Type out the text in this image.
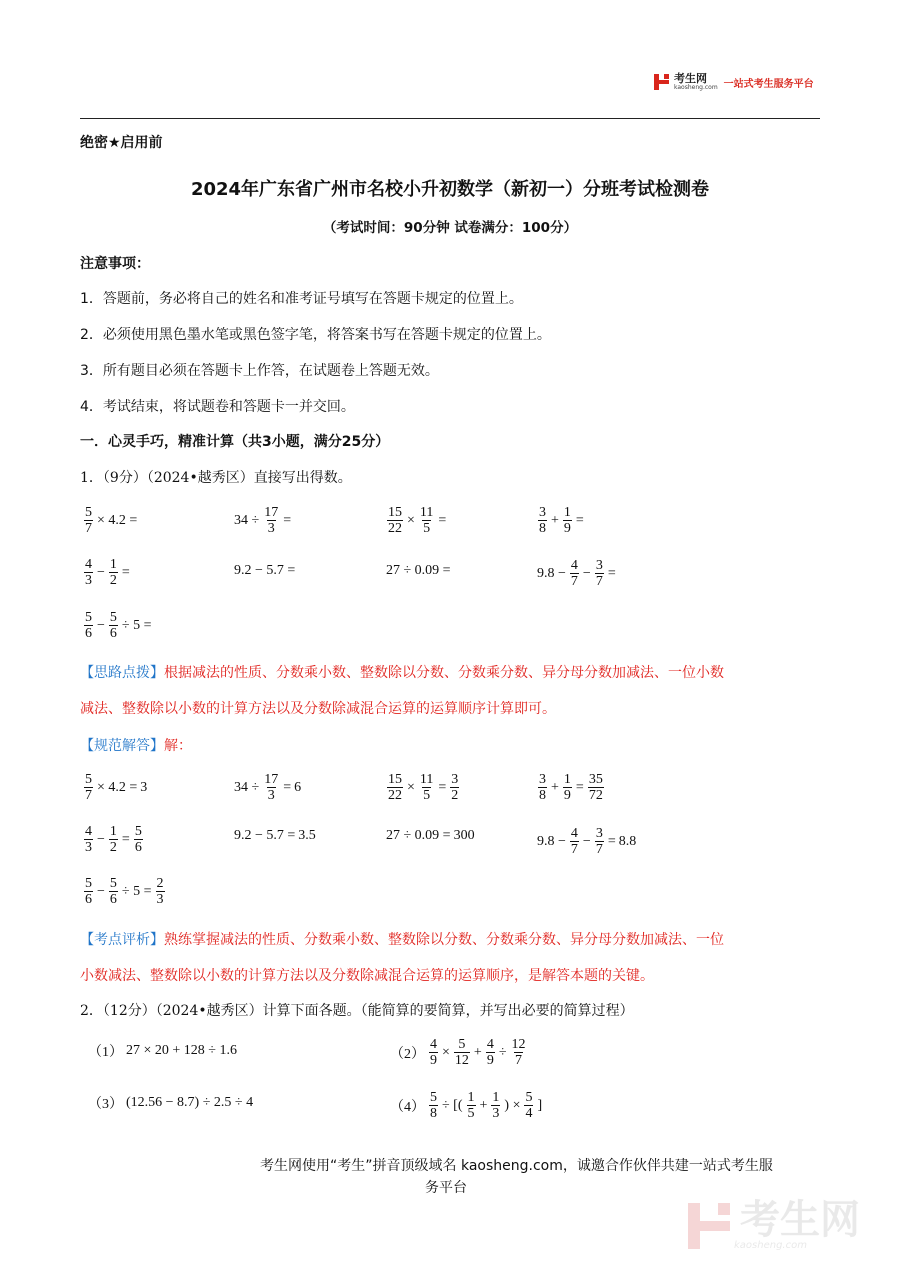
考生网
kaosheng.com 一站式考生服务平台
绝密★启用前
2024年广东省广州市名校小升初数学（新初一）分班考试检测卷
（考试时间：90分钟 试卷满分：100分）
注意事项：
1．答题前，务必将自己的姓名和准考证号填写在答题卡规定的位置上。
2．必须使用黑色墨水笔或黑色签字笔，将答案书写在答题卡规定的位置上。
3．所有题目必须在答题卡上作答，在试题卷上答题无效。
4．考试结束，将试题卷和答题卡一并交回。
一．心灵手巧，精准计算（共3小题，满分25分）
1．（9分）（2024•越秀区）直接写出得数。
$\frac{5}{7} \times 4.2$ =	$34 \div \frac{17}{3}$ =	$\frac{15}{22} \times \frac{11}{5}$ =	$\frac{3}{8} + \frac{1}{9}$ =
$\frac{4}{3} - \frac{1}{2}$ =	9.2 − 5.7 =	27 ÷ 0.09 =	$9.8 - \frac{4}{7} - \frac{3}{7}$ =
$\frac{5}{6} - \frac{5}{6} \div 5$ =
【思路点拨】根据减法的性质、分数乘小数、整数除以分数、分数乘分数、异分母分数加减法、一位小数
减法、整数除以小数的计算方法以及分数除减混合运算的运算顺序计算即可。
【规范解答】解：
$\frac{5}{7} \times 4.2 = 3$	$34 \div \frac{17}{3} = 6$	$\frac{15}{22} \times \frac{11}{5} = \frac{3}{2}$	$\frac{3}{8} + \frac{1}{9} = \frac{35}{72}$
$\frac{4}{3} - \frac{1}{2} = \frac{5}{6}$	9.2 − 5.7 = 3.5	27 ÷ 0.09 = 300	$9.8 - \frac{4}{7} - \frac{3}{7} = 8.8$
$\frac{5}{6} - \frac{5}{6} \div 5 = \frac{2}{3}$
【考点评析】熟练掌握减法的性质、分数乘小数、整数除以分数、分数乘分数、异分母分数加减法、一位
小数减法、整数除以小数的计算方法以及分数除减混合运算的运算顺序，是解答本题的关键。
2．（12分）（2024•越秀区）计算下面各题。（能简算的要简算，并写出必要的简算过程）
（1） 27 × 20 + 128 ÷ 1.6	$(2) \frac{4}{9} \times \frac{5}{12} + \frac{4}{9} \div \frac{12}{7}$
（3） (12.56 − 8.7) ÷ 2.5 ÷ 4	$(4) \frac{5}{8}$ ÷ [( $\frac{1}{5} + \frac{1}{3}$ ) × $\frac{5}{4}$ ]
考生网使用“考生”拼音顶级域名 kaosheng.com，诚邀合作伙伴共建一站式考生服
务平台
考生网
kaosheng.com
